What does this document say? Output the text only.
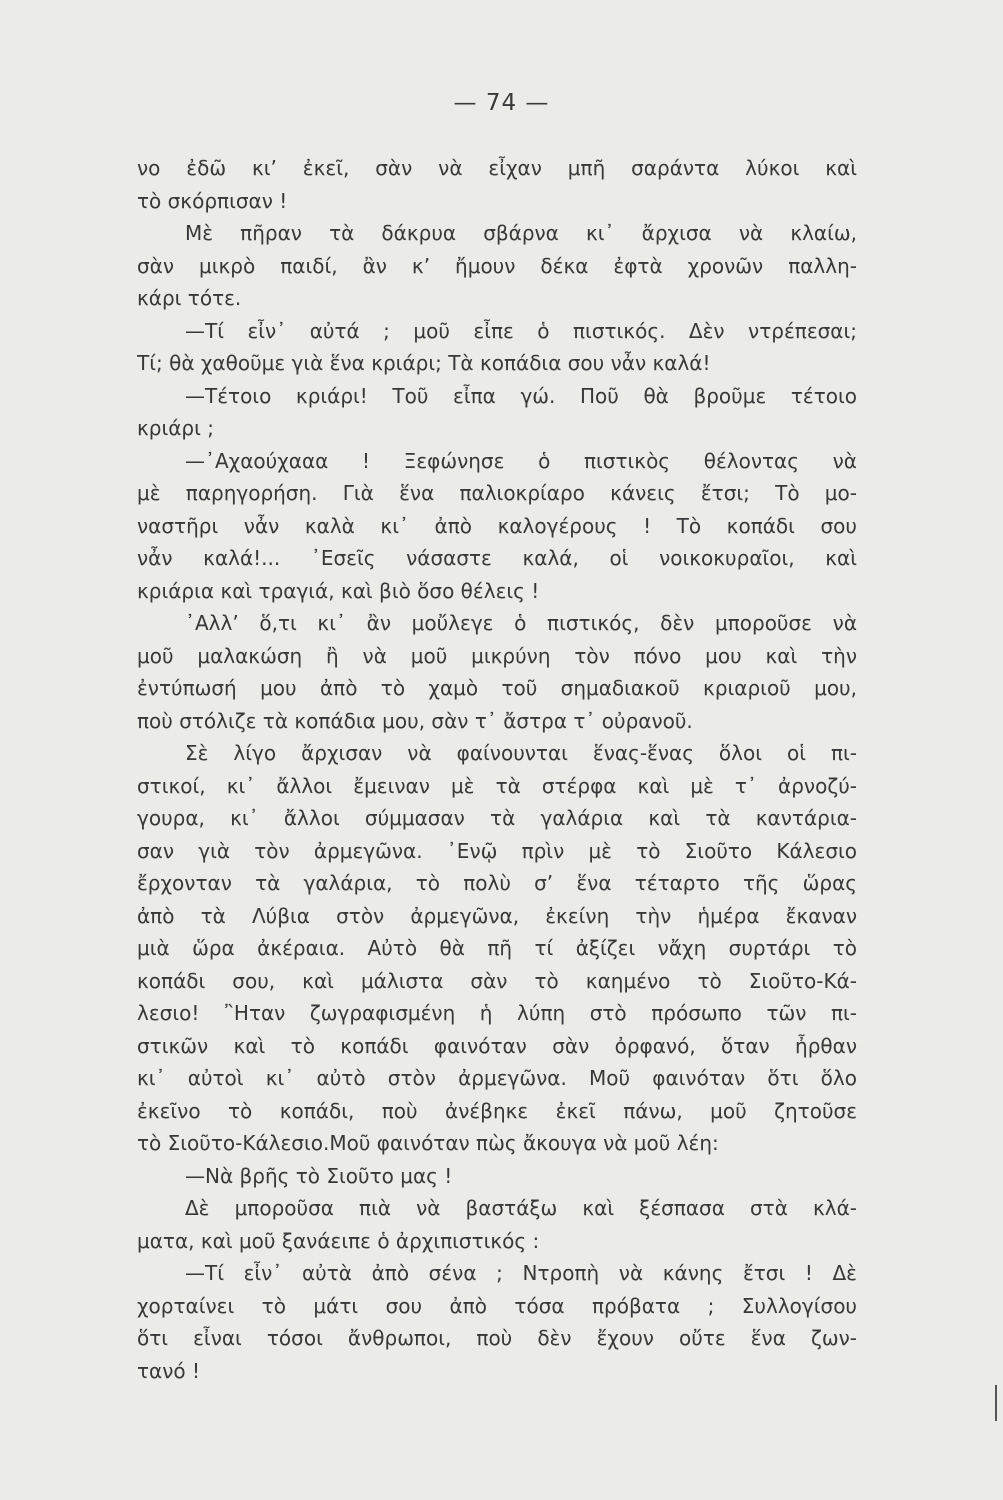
— 74 —

νο ἐδῶ κι’ ἐκεῖ, σὰν νὰ εἶχαν μπῆ σαράντα λύκοι καὶ
τὸ σκόρπισαν !

Μὲ πῆραν τὰ δάκρυα σβάρνα κι᾿ ἄρχισα νὰ κλαίω,
σὰν μικρὸ παιδί, ἂν κ’ ἤμουν δέκα ἐφτὰ χρονῶν παλλη-
κάρι τότε.

—Τί εἶν᾿ αὐτά ; μοῦ εἶπε ὁ πιστικός. Δὲν ντρέπεσαι;
Τί; θὰ χαθοῦμε γιὰ ἕνα κριάρι; Τὰ κοπάδια σου νἆν καλά!

—Τέτοιο κριάρι! Τοῦ εἶπα γώ. Ποῦ θὰ βροῦμε τέτοιο
κριάρι ;

—᾿Αχαούχααα ! Ξεφώνησε ὁ πιστικὸς θέλοντας νὰ
μὲ παρηγορήση. Γιὰ ἕνα παλιοκρίαρο κάνεις ἔτσι; Τὸ μο-
ναστῆρι νἆν καλὰ κι᾿ ἀπὸ καλογέρους ! Τὸ κοπάδι σου
νἆν καλά!... ᾿Εσεῖς νάσαστε καλά, οἱ νοικοκυραῖοι, καὶ
κριάρια καὶ τραγιά, καὶ βιὸ ὅσο θέλεις !

᾿Αλλ’ ὅ,τι κι᾿ ἂν μοὔλεγε ὁ πιστικός, δὲν μποροῦσε νὰ
μοῦ μαλακώση ἢ νὰ μοῦ μικρύνη τὸν πόνο μου καὶ τὴν
ἐντύπωσή μου ἀπὸ τὸ χαμὸ τοῦ σημαδιακοῦ κριαριοῦ μου,
ποὺ στόλιζε τὰ κοπάδια μου, σὰν τ᾿ ἄστρα τ᾿ οὐρανοῦ.

Σὲ λίγο ἄρχισαν νὰ φαίνουνται ἕνας-ἕνας ὅλοι οἱ πι-
στικοί, κι᾿ ἄλλοι ἔμειναν μὲ τὰ στέρφα καὶ μὲ τ᾿ ἀρνοζύ-
γουρα, κι᾿ ἄλλοι σύμμασαν τὰ γαλάρια καὶ τὰ καντάρια-
σαν γιὰ τὸν ἀρμεγῶνα. ᾿Ενῷ πρὶν μὲ τὸ Σιοῦτο Κάλεσιο
ἔρχονταν τὰ γαλάρια, τὸ πολὺ σ’ ἕνα τέταρτο τῆς ὥρας
ἀπὸ τὰ Λύβια στὸν ἀρμεγῶνα, ἐκείνη τὴν ἡμέρα ἔκαναν
μιὰ ὥρα ἀκέραια. Αὐτὸ θὰ πῆ τί ἀξίζει νἄχη συρτάρι τὸ
κοπάδι σου, καὶ μάλιστα σὰν τὸ καημένο τὸ Σιοῦτο-Κά-
λεσιο! ῍Ηταν ζωγραφισμένη ἡ λύπη στὸ πρόσωπο τῶν πι-
στικῶν καὶ τὸ κοπάδι φαινόταν σὰν ὀρφανό, ὅταν ἦρθαν
κι᾿ αὐτοὶ κι᾿ αὐτὸ στὸν ἀρμεγῶνα. Μοῦ φαινόταν ὅτι ὅλο
ἐκεῖνο τὸ κοπάδι, ποὺ ἀνέβηκε ἐκεῖ πάνω, μοῦ ζητοῦσε
τὸ Σιοῦτο-Κάλεσιο.Μοῦ φαινόταν πὼς ἄκουγα νὰ μοῦ λέη:

—Νὰ βρῆς τὸ Σιοῦτο μας !

Δὲ μποροῦσα πιὰ νὰ βαστάξω καὶ ξέσπασα στὰ κλά-
ματα, καὶ μοῦ ξανάειπε ὁ ἀρχιπιστικός :

—Τί εἶν᾿ αὐτὰ ἀπὸ σένα ; Ντροπὴ νὰ κάνης ἔτσι ! Δὲ
χορταίνει τὸ μάτι σου ἀπὸ τόσα πρόβατα ; Συλλογίσου
ὅτι εἶναι τόσοι ἄνθρωποι, ποὺ δὲν ἔχουν οὔτε ἕνα ζων-
τανό !
